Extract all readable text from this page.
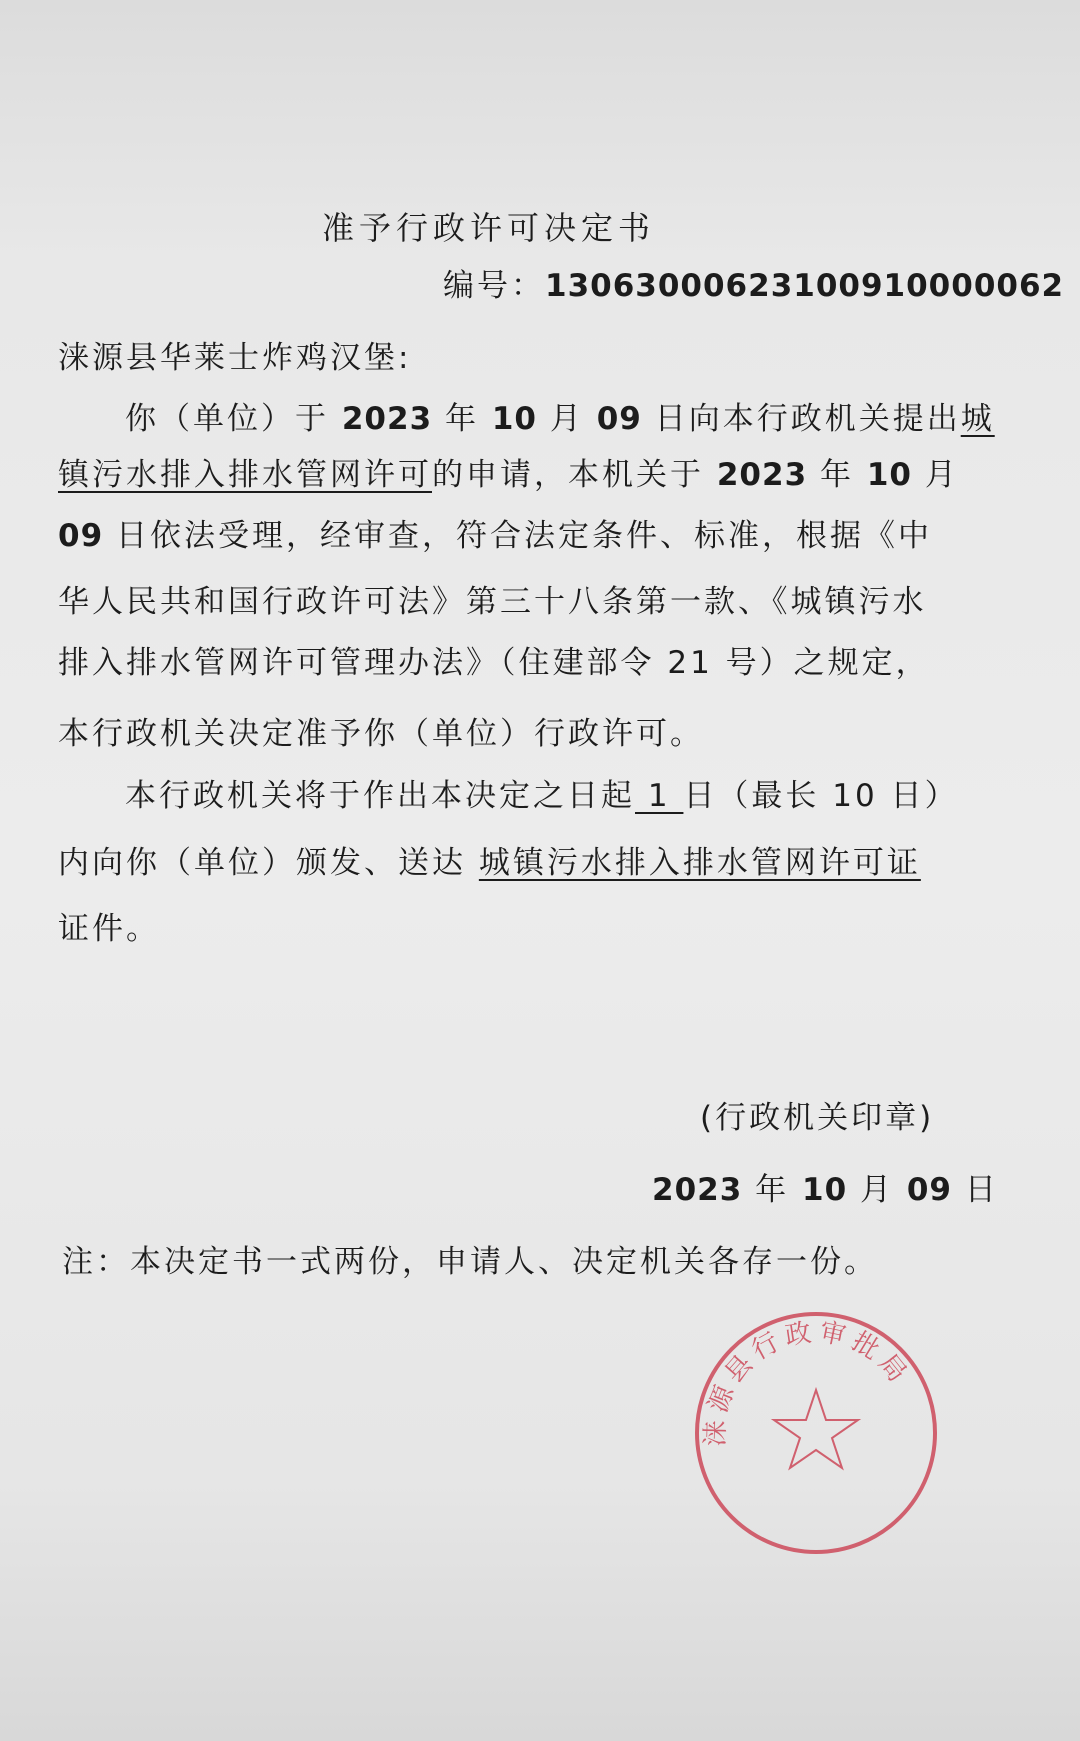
准予行政许可决定书
编号：13063000623100910000062
涞源县华莱士炸鸡汉堡:
你（单位）于 2023 年 10 月 09 日向本行政机关提出城
镇污水排入排水管网许可的申请，本机关于 2023 年 10 月
09 日依法受理，经审查，符合法定条件、标准，根据《中
华人民共和国行政许可法》第三十八条第一款、《城镇污水
排入排水管网许可管理办法》（住建部令 21 号）之规定，
本行政机关决定准予你（单位）行政许可。
本行政机关将于作出本决定之日起 1 日（最长 10 日）
内向你（单位）颁发、送达 城镇污水排入排水管网许可证
证件。
(行政机关印章)
2023 年 10 月 09 日
注：本决定书一式两份，申请人、决定机关各存一份。
涞源县行政审批局
